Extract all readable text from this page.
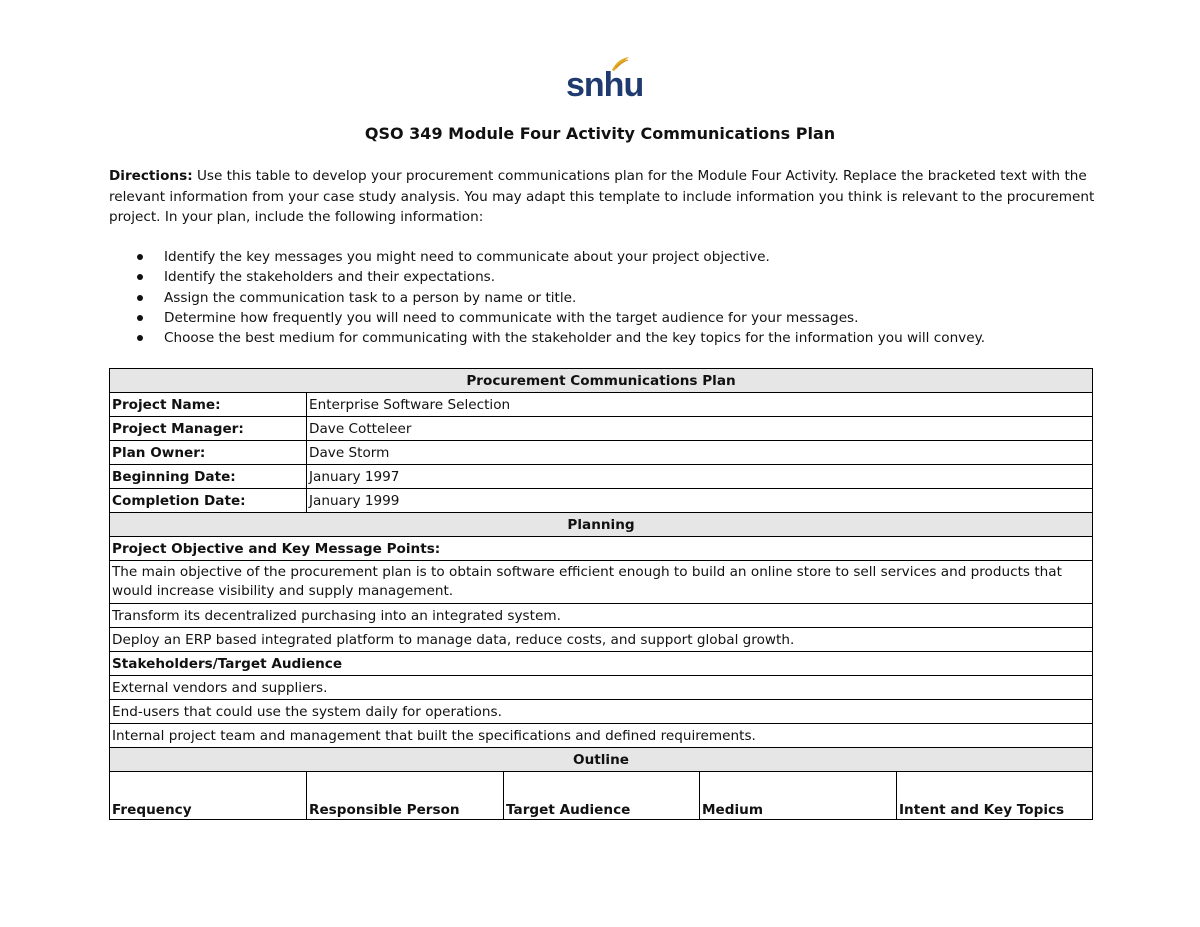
snhu
QSO 349 Module Four Activity Communications Plan
Directions: Use this table to develop your procurement communications plan for the Module Four Activity. Replace the bracketed text with the relevant information from your case study analysis. You may adapt this template to include information you think is relevant to the procurement project. In your plan, include the following information:
Identify the key messages you might need to communicate about your project objective.
Identify the stakeholders and their expectations.
Assign the communication task to a person by name or title.
Determine how frequently you will need to communicate with the target audience for your messages.
Choose the best medium for communicating with the stakeholder and the key topics for the information you will convey.
Procurement Communications Plan				
Project Name:	Enterprise Software Selection			
Project Manager:	Dave Cotteleer			
Plan Owner:	Dave Storm			
Beginning Date:	January 1997			
Completion Date:	January 1999			
Planning				
Project Objective and Key Message Points:				
The main objective of the procurement plan is to obtain software efficient enough to build an online store to sell services and products that would increase visibility and supply management.				
Transform its decentralized purchasing into an integrated system.				
Deploy an ERP based integrated platform to manage data, reduce costs, and support global growth.				
Stakeholders/Target Audience				
External vendors and suppliers.				
End-users that could use the system daily for operations.				
Internal project team and management that built the specifications and defined requirements.				
Outline				
Frequency	Responsible Person	Target Audience	Medium	Intent and Key Topics
